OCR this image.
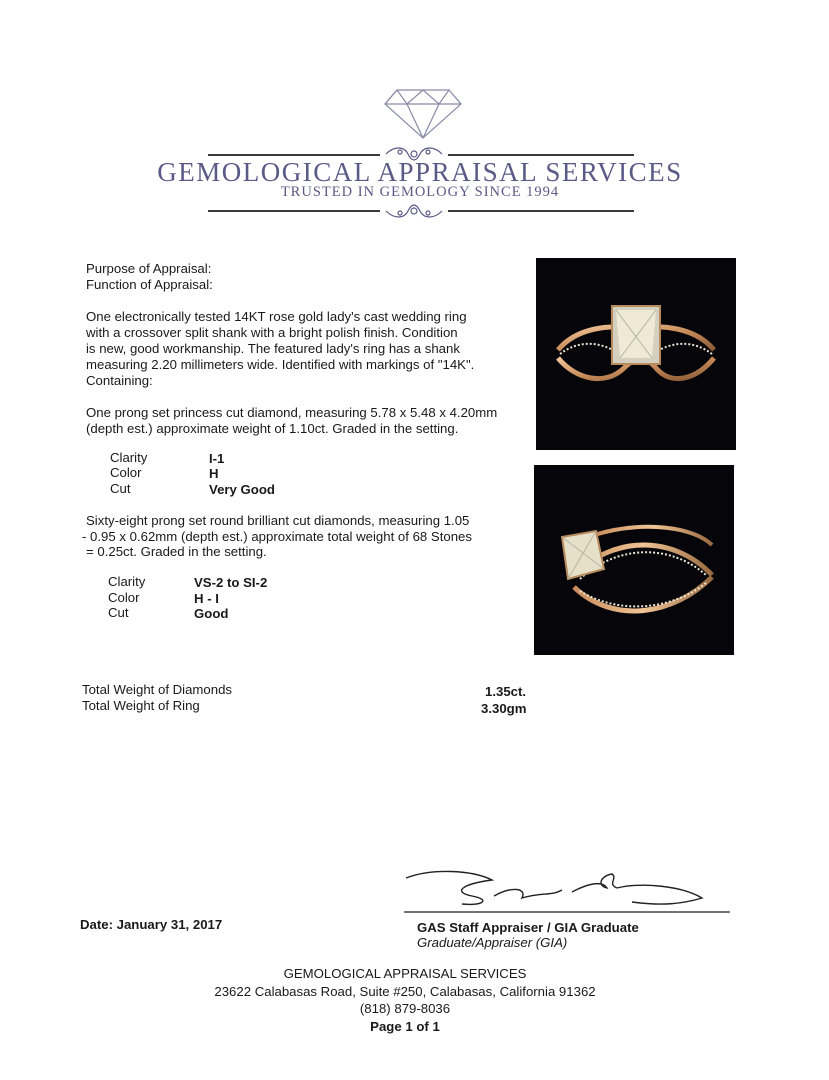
GEMOLOGICAL APPRAISAL SERVICES
TRUSTED IN GEMOLOGY SINCE 1994
Purpose of Appraisal:
Function of Appraisal:
One electronically tested 14KT rose gold lady's cast wedding ring
with a crossover split shank with a bright polish finish. Condition
is new, good workmanship. The featured lady's ring has a shank
measuring 2.20 millimeters wide. Identified with markings of "14K".
Containing:
One prong set princess cut diamond, measuring 5.78 x 5.48 x 4.20mm
(depth est.) approximate weight of 1.10ct. Graded in the setting.
Clarity	I-1
Color	H
Cut	Very Good
Sixty-eight prong set round brilliant cut diamonds, measuring 1.05
- 0.95 x 0.62mm (depth est.) approximate total weight of 68 Stones
= 0.25ct. Graded in the setting.
Clarity	VS-2 to SI-2
Color	H - I
Cut	Good
Total Weight of Diamonds	1.35ct.
Total Weight of Ring	3.30gm
Date: January 31, 2017	GAS Staff Appraiser / GIA Graduate
Graduate/Appraiser (GIA)
GEMOLOGICAL APPRAISAL SERVICES
23622 Calabasas Road, Suite #250, Calabasas, California 91362
(818) 879-8036
Page 1 of 1
